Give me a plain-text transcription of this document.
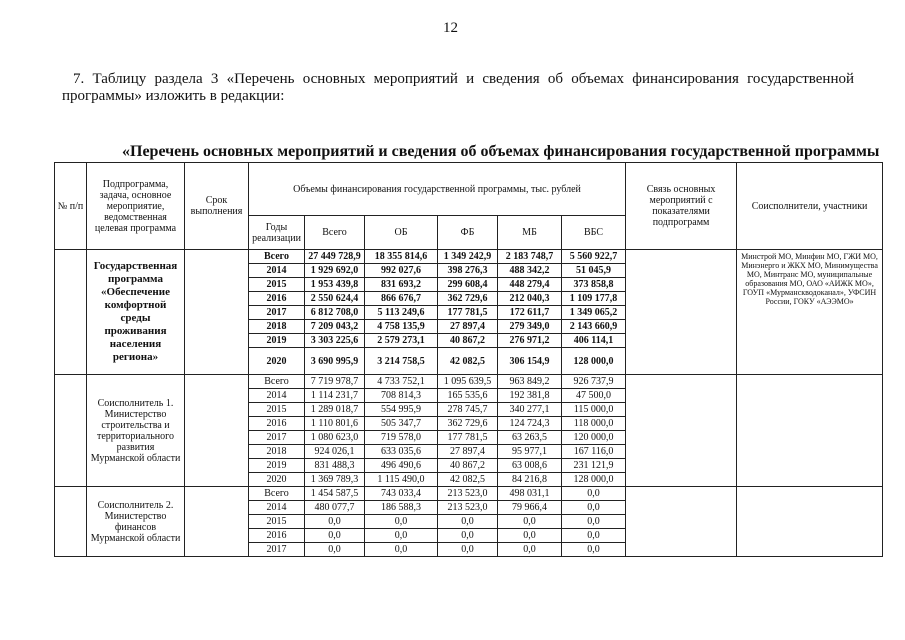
12
7. Таблицу раздела 3 «Перечень основных мероприятий и сведения об объемах финансирования государственной программы» изложить в редакции:
«Перечень основных мероприятий и сведения об объемах финансирования государственной программы
№ п/п	Подпрограмма, задача, основное мероприятие, ведомственная целевая программа	Срок выполнения	Объемы финансирования государственной программы, тыс. рублей						Связь основных мероприятий с показателями подпрограмм	Соисполнители, участники
			Годы реализации	Всего	ОБ	ФБ	МБ	ВБС		
	Государственная программа «Обеспечение комфортной среды проживания населения региона»		Всего	27 449 728,9	18 355 814,6	1 349 242,9	2 183 748,7	5 560 922,7		Минстрой МО, Минфин МО, ГЖИ МО, Минэнерго и ЖКХ МО, Минимущества МО, Минтранс МО, муниципальные образования МО, ОАО «АИЖК МО», ГОУП «Мурманскводоканал», УФСИН России, ГОКУ «АЭЭМО»
			2014	1 929 692,0	992 027,6	398 276,3	488 342,2	51 045,9		
			2015	1 953 439,8	831 693,2	299 608,4	448 279,4	373 858,8		
			2016	2 550 624,4	866 676,7	362 729,6	212 040,3	1 109 177,8		
			2017	6 812 708,0	5 113 249,6	177 781,5	172 611,7	1 349 065,2		
			2018	7 209 043,2	4 758 135,9	27 897,4	279 349,0	2 143 660,9		
			2019	3 303 225,6	2 579 273,1	40 867,2	276 971,2	406 114,1		
			2020	3 690 995,9	3 214 758,5	42 082,5	306 154,9	128 000,0		
	Соисполнитель 1. Министерство строительства и территориального развития Мурманской области		Всего	7 719 978,7	4 733 752,1	1 095 639,5	963 849,2	926 737,9		
			2014	1 114 231,7	708 814,3	165 535,6	192 381,8	47 500,0		
			2015	1 289 018,7	554 995,9	278 745,7	340 277,1	115 000,0		
			2016	1 110 801,6	505 347,7	362 729,6	124 724,3	118 000,0		
			2017	1 080 623,0	719 578,0	177 781,5	63 263,5	120 000,0		
			2018	924 026,1	633 035,6	27 897,4	95 977,1	167 116,0		
			2019	831 488,3	496 490,6	40 867,2	63 008,6	231 121,9		
			2020	1 369 789,3	1 115 490,0	42 082,5	84 216,8	128 000,0		
	Соисполнитель 2. Министерство финансов Мурманской области		Всего	1 454 587,5	743 033,4	213 523,0	498 031,1	0,0		
			2014	480 077,7	186 588,3	213 523,0	79 966,4	0,0		
			2015	0,0	0,0	0,0	0,0	0,0		
			2016	0,0	0,0	0,0	0,0	0,0		
			2017	0,0	0,0	0,0	0,0	0,0		
